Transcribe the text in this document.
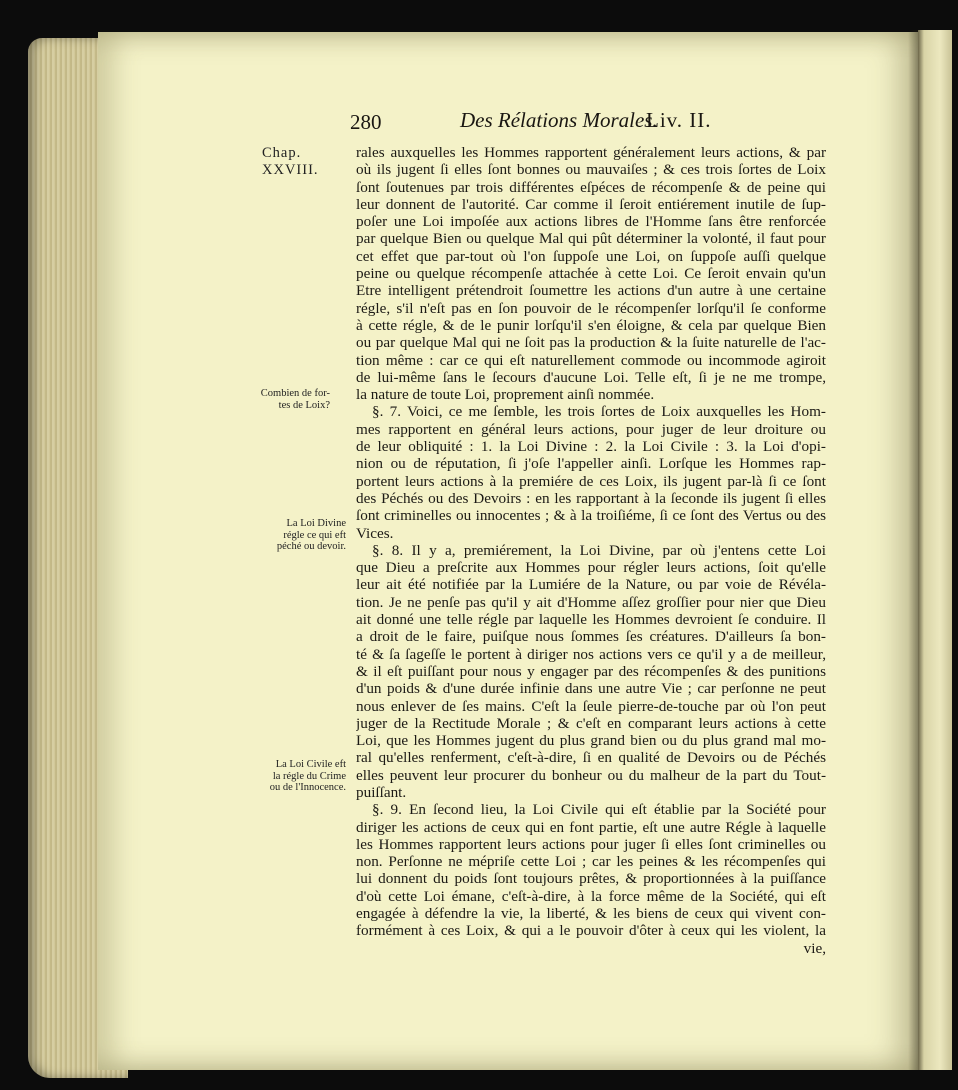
280	Des Rélations Morales.
Liv. II.
Chap.
XXVIII.
Combien de for-
tes de Loix?
La Loi Divine
régle ce qui eft
péché ou devoir.
La Loi Civile eft
la régle du Crime
ou de l'Innocence.
rales auxquelles les Hommes rapportent généralement leurs actions, & par
où ils jugent ſi elles ſont bonnes ou mauvaiſes ; & ces trois ſortes de Loix
ſont ſoutenues par trois différentes eſpéces de récompenſe & de peine qui
leur donnent de l'autorité. Car comme il ſeroit entiérement inutile de ſup-
poſer une Loi impoſée aux actions libres de l'Homme ſans être renforcée
par quelque Bien ou quelque Mal qui pût déterminer la volonté, il faut pour
cet effet que par-tout où l'on ſuppoſe une Loi, on ſuppoſe auſſi quelque
peine ou quelque récompenſe attachée à cette Loi. Ce ſeroit envain qu'un
Etre intelligent prétendroit ſoumettre les actions d'un autre à une certaine
régle, s'il n'eſt pas en ſon pouvoir de le récompenſer lorſqu'il ſe conforme
à cette régle, & de le punir lorſqu'il s'en éloigne, & cela par quelque Bien
ou par quelque Mal qui ne ſoit pas la production & la ſuite naturelle de l'ac-
tion même : car ce qui eſt naturellement commode ou incommode agiroit
de lui-même ſans le ſecours d'aucune Loi. Telle eſt, ſi je ne me trompe,
la nature de toute Loi, proprement ainſi nommée.
§. 7. Voici, ce me ſemble, les trois ſortes de Loix auxquelles les Hom-
mes rapportent en général leurs actions, pour juger de leur droiture ou
de leur obliquité : 1. la Loi Divine : 2. la Loi Civile : 3. la Loi d'opi-
nion ou de réputation, ſi j'oſe l'appeller ainſi. Lorſque les Hommes rap-
portent leurs actions à la premiére de ces Loix, ils jugent par-là ſi ce ſont
des Péchés ou des Devoirs : en les rapportant à la ſeconde ils jugent ſi elles
ſont criminelles ou innocentes ; & à la troiſiéme, ſi ce ſont des Vertus ou des
Vices.
§. 8. Il y a, premiérement, la Loi Divine, par où j'entens cette Loi
que Dieu a preſcrite aux Hommes pour régler leurs actions, ſoit qu'elle
leur ait été notifiée par la Lumiére de la Nature, ou par voie de Révéla-
tion. Je ne penſe pas qu'il y ait d'Homme aſſez groſſier pour nier que Dieu
ait donné une telle régle par laquelle les Hommes devroient ſe conduire. Il
a droit de le faire, puiſque nous ſommes ſes créatures. D'ailleurs ſa bon-
té & ſa ſageſſe le portent à diriger nos actions vers ce qu'il y a de meilleur,
& il eſt puiſſant pour nous y engager par des récompenſes & des punitions
d'un poids & d'une durée infinie dans une autre Vie ; car perſonne ne peut
nous enlever de ſes mains. C'eſt la ſeule pierre-de-touche par où l'on peut
juger de la Rectitude Morale ; & c'eſt en comparant leurs actions à cette
Loi, que les Hommes jugent du plus grand bien ou du plus grand mal mo-
ral qu'elles renferment, c'eſt-à-dire, ſi en qualité de Devoirs ou de Péchés
elles peuvent leur procurer du bonheur ou du malheur de la part du Tout-
puiſſant.
§. 9. En ſecond lieu, la Loi Civile qui eſt établie par la Société pour
diriger les actions de ceux qui en font partie, eſt une autre Régle à laquelle
les Hommes rapportent leurs actions pour juger ſi elles ſont criminelles ou
non. Perſonne ne mépriſe cette Loi ; car les peines & les récompenſes qui
lui donnent du poids ſont toujours prêtes, & proportionnées à la puiſſance
d'où cette Loi émane, c'eſt-à-dire, à la force même de la Société, qui eſt
engagée à défendre la vie, la liberté, & les biens de ceux qui vivent con-
formément à ces Loix, & qui a le pouvoir d'ôter à ceux qui les violent, la
vie,
